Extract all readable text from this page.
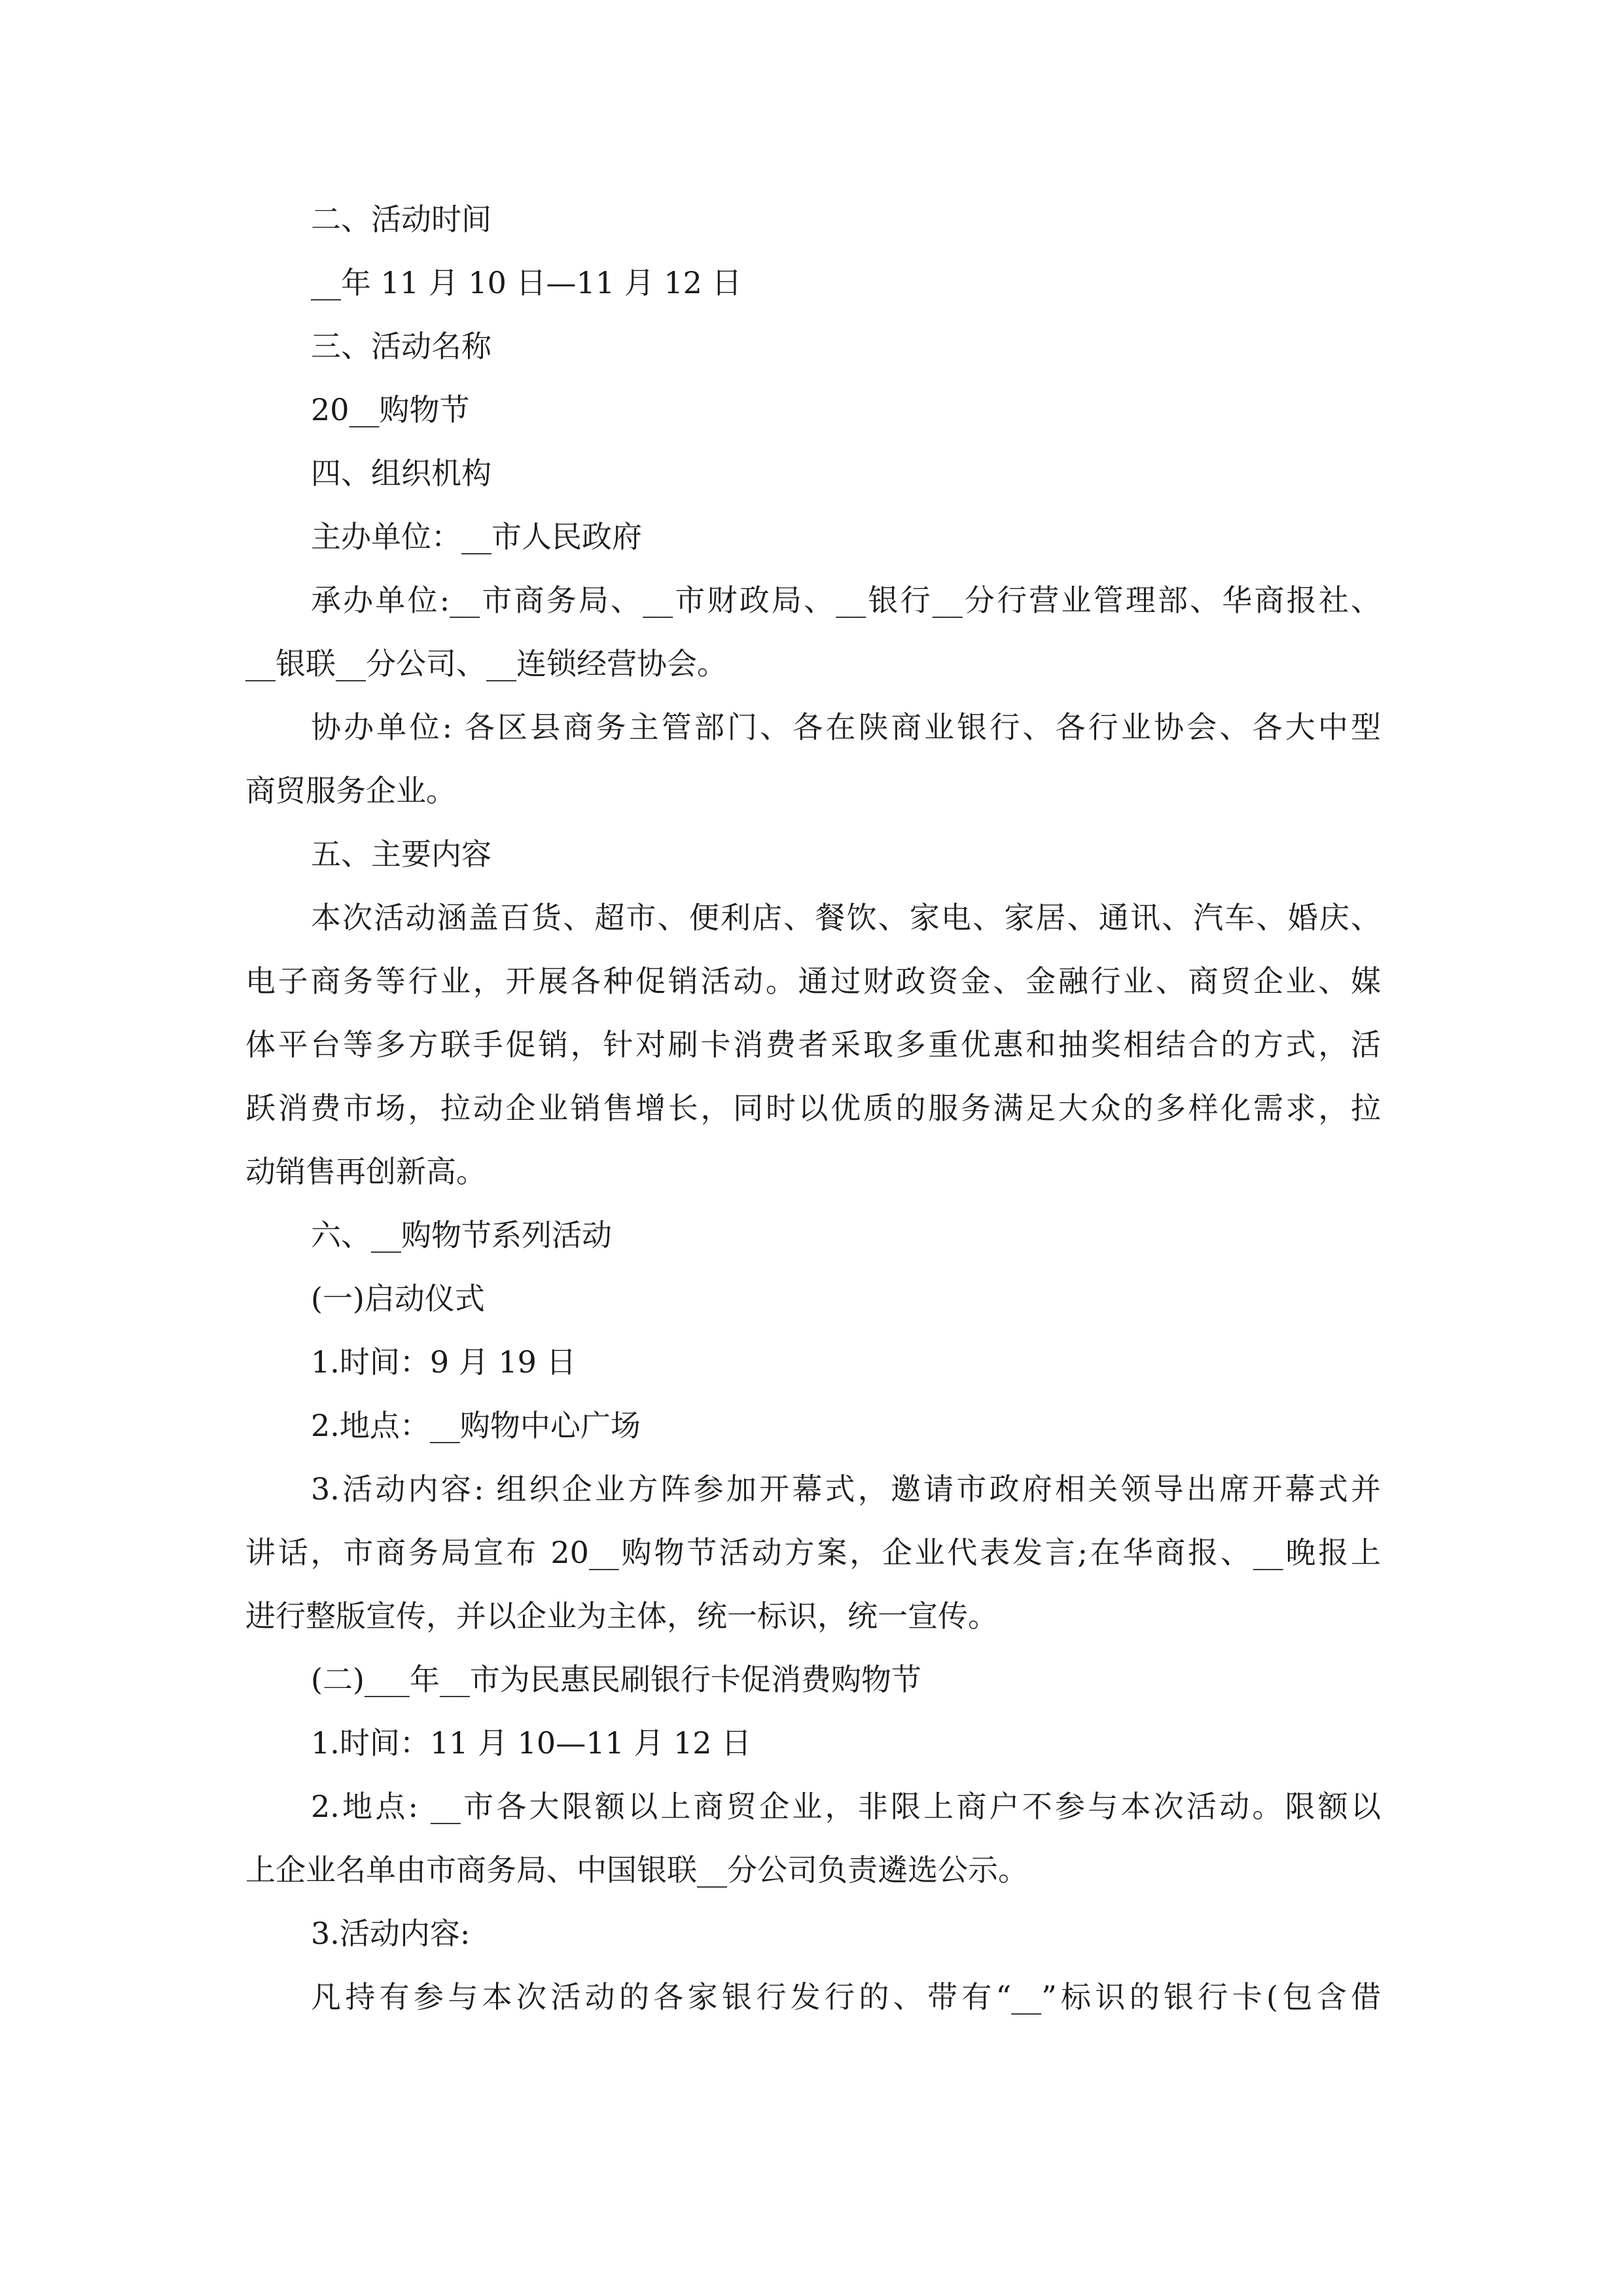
二、活动时间
__年 11 月 10 日—11 月 12 日
三、活动名称
20__购物节
四、组织机构
主办单位：__市人民政府
承办单位:__市商务局、__市财政局、__银行__分行营业管理部、华商报社、
__银联__分公司、__连锁经营协会。
协办单位: 各区县商务主管部门、各在陕商业银行、各行业协会、各大中型
商贸服务企业。
五、主要内容
本次活动涵盖百货、超市、便利店、餐饮、家电、家居、通讯、汽车、婚庆、
电子商务等行业，开展各种促销活动。通过财政资金、金融行业、商贸企业、媒
体平台等多方联手促销，针对刷卡消费者采取多重优惠和抽奖相结合的方式，活
跃消费市场，拉动企业销售增长，同时以优质的服务满足大众的多样化需求，拉
动销售再创新高。
六、__购物节系列活动
(一)启动仪式
1.时间：9 月 19 日
2.地点：__购物中心广场
3.活动内容: 组织企业方阵参加开幕式，邀请市政府相关领导出席开幕式并
讲话，市商务局宣布 20__购物节活动方案，企业代表发言;在华商报、__晚报上
进行整版宣传，并以企业为主体，统一标识，统一宣传。
(二)___年__市为民惠民刷银行卡促消费购物节
1.时间：11 月 10—11 月 12 日
2.地点: __市各大限额以上商贸企业，非限上商户不参与本次活动。限额以
上企业名单由市商务局、中国银联__分公司负责遴选公示。
3.活动内容:
凡持有参与本次活动的各家银行发行的、带有“__”标识的银行卡(包含借
